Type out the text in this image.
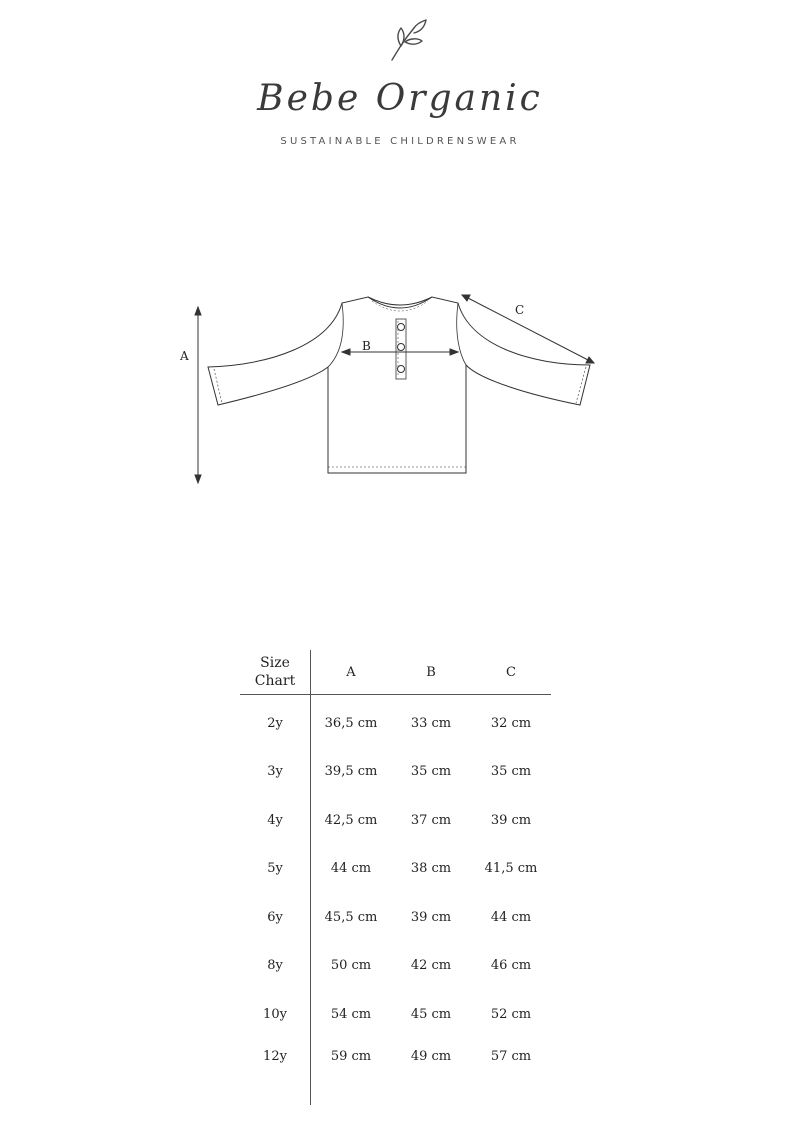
Bebe Organic
SUSTAINABLE CHILDRENSWEAR
A
B
C
Size
Chart	A	B	C
2y	36,5 cm	33 cm	32 cm
3y	39,5 cm	35 cm	35 cm
4y	42,5 cm	37 cm	39 cm
5y	44 cm	38 cm	41,5 cm
6y	45,5 cm	39 cm	44 cm
8y	50 cm	42 cm	46 cm
10y	54 cm	45 cm	52 cm
12y	59 cm	49 cm	57 cm
